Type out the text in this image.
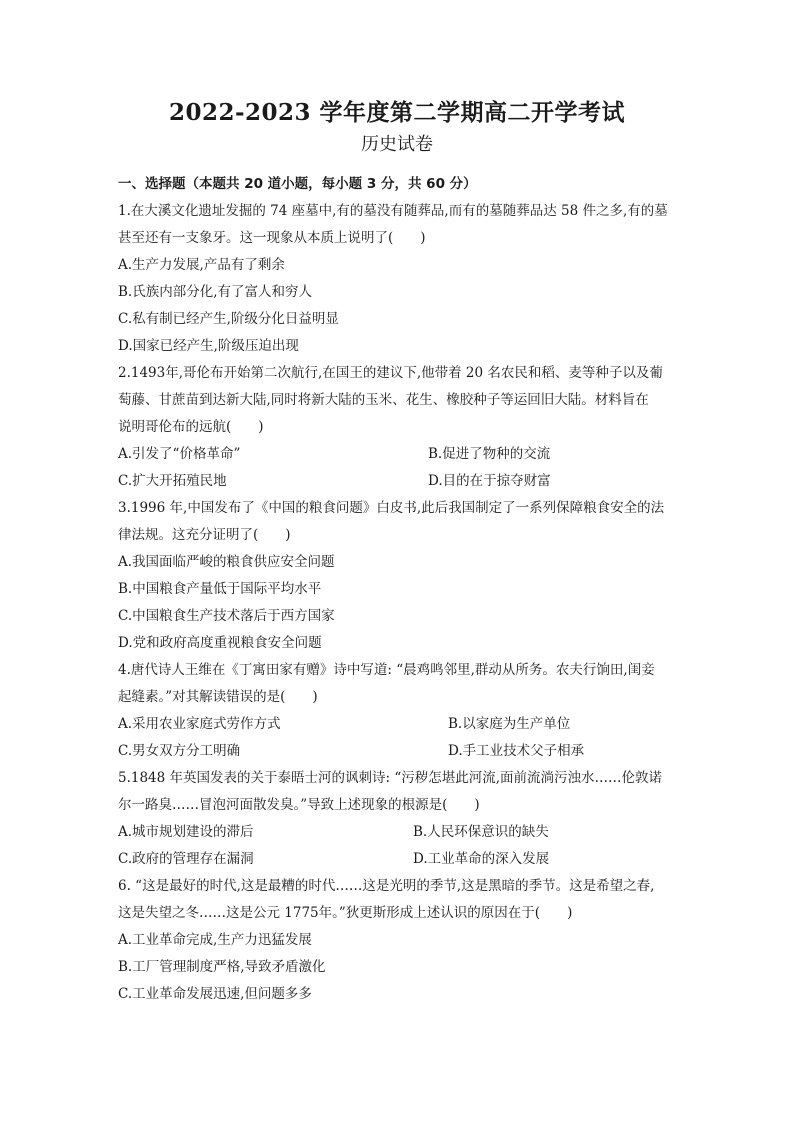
2022-2023 学年度第二学期高二开学考试
历史试卷
一、选择题（本题共 20 道小题，每小题 3 分，共 60 分）

1.在大溪文化遗址发掘的 74 座墓中,有的墓没有随葬品,而有的墓随葬品达 58 件之多,有的墓

甚至还有一支象牙。这一现象从本质上说明了(　　)

A.生产力发展,产品有了剩余

B.氏族内部分化,有了富人和穷人

C.私有制已经产生,阶级分化日益明显

D.国家已经产生,阶级压迫出现

2.1493年,哥伦布开始第二次航行,在国王的建议下,他带着 20 名农民和稻、麦等种子以及葡

萄藤、甘蔗苗到达新大陆,同时将新大陆的玉米、花生、橡胶种子等运回旧大陆。材料旨在

说明哥伦布的远航(　　)

A.引发了“价格革命”	B.促进了物种的交流
C.扩大开拓殖民地	D.目的在于掠夺财富

3.1996 年,中国发布了《中国的粮食问题》白皮书,此后我国制定了一系列保障粮食安全的法

律法规。这充分证明了(　　)

A.我国面临严峻的粮食供应安全问题

B.中国粮食产量低于国际平均水平

C.中国粮食生产技术落后于西方国家

D.党和政府高度重视粮食安全问题

4.唐代诗人王维在《丁寓田家有赠》诗中写道: “晨鸡鸣邻里,群动从所务。农夫行饷田,闺妾

起缝素。”对其解读错误的是(　　)

A.采用农业家庭式劳作方式	B.以家庭为生产单位
C.男女双方分工明确	D.手工业技术父子相承

5.1848 年英国发表的关于泰晤士河的讽刺诗: “污秽怎堪此河流,面前流淌污浊水……伦敦诺

尔一路臭……冒泡河面散发臭。”导致上述现象的根源是(　　)

A.城市规划建设的滞后	B.人民环保意识的缺失
C.政府的管理存在漏洞	D.工业革命的深入发展

6. “这是最好的时代,这是最糟的时代……这是光明的季节,这是黑暗的季节。这是希望之春,

这是失望之冬……这是公元 1775年。”狄更斯形成上述认识的原因在于(　　)

A.工业革命完成,生产力迅猛发展

B.工厂管理制度严格,导致矛盾激化

C.工业革命发展迅速,但问题多多
